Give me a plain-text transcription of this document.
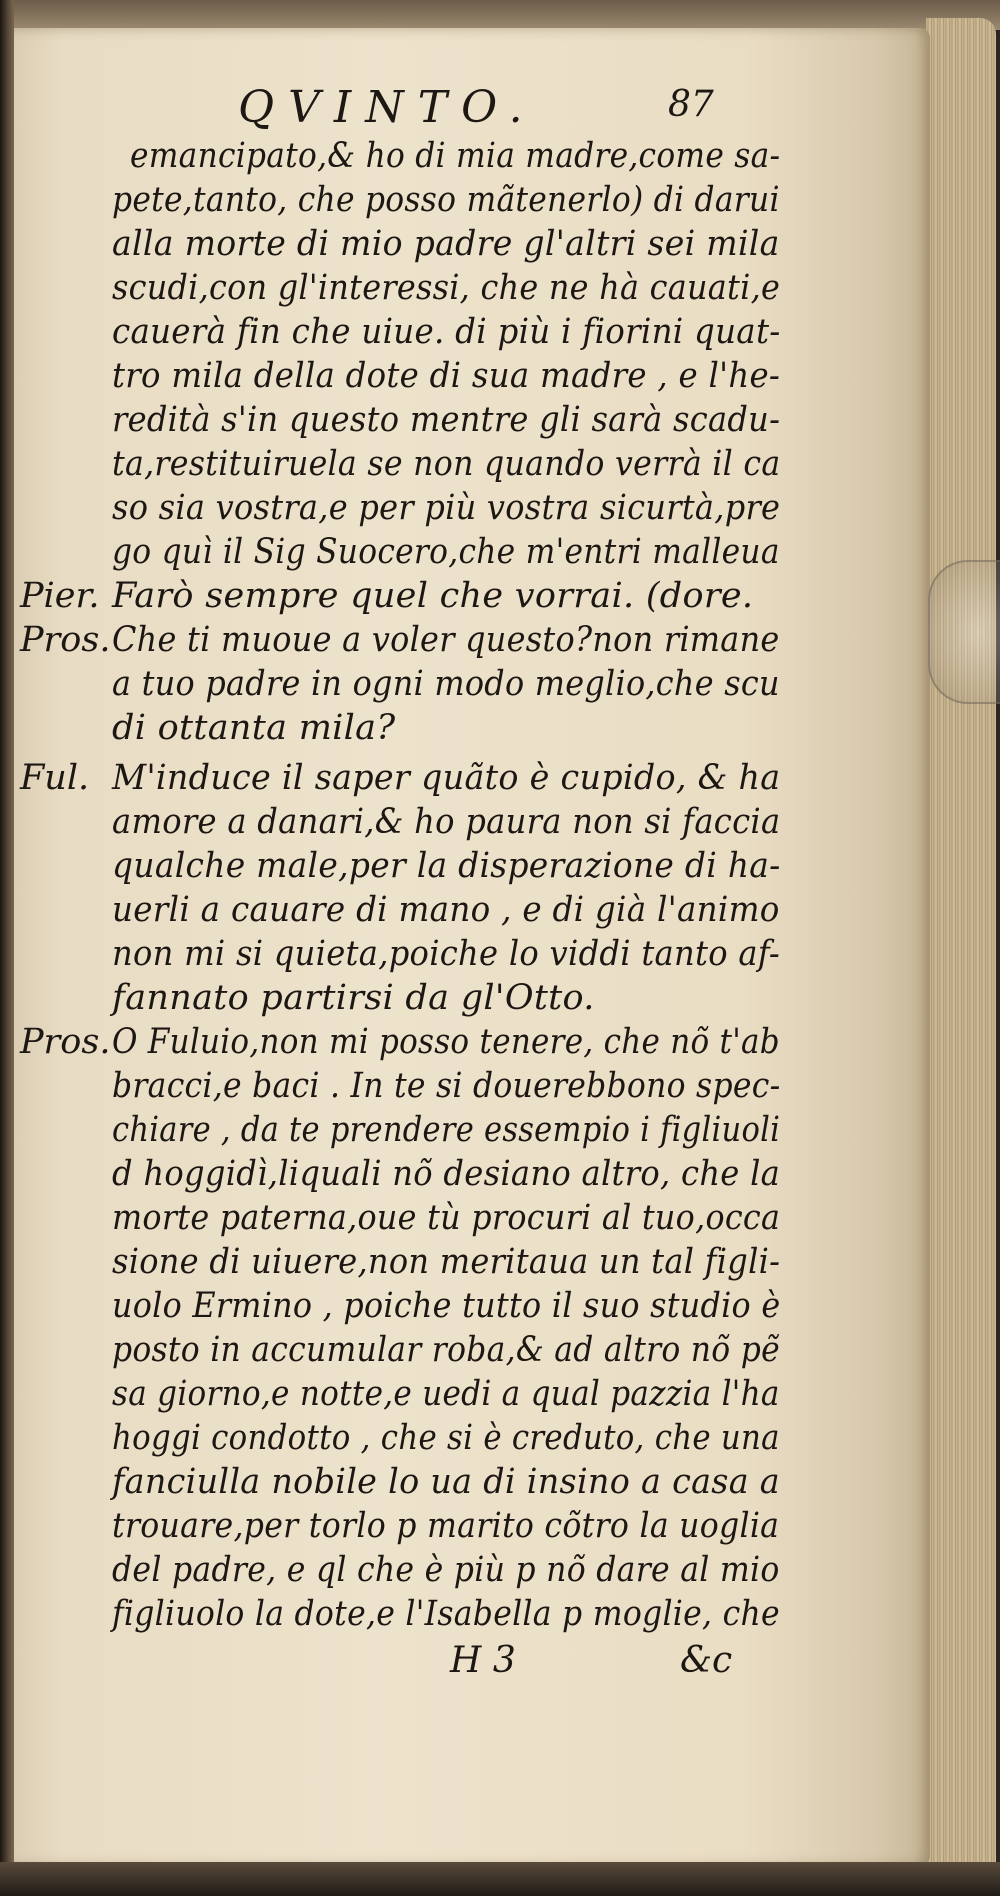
QVINTO.	87
emancipato,& ho di mia madre,come sa-
pete,tanto, che posso mãtenerlo) di darui
alla morte di mio padre gl'altri sei mila
scudi,con gl'interessi, che ne hà cauati,e
cauerà fin che uiue. di più i fiorini quat-
tro mila della dote di sua madre , e l'he-
redità s'in questo mentre gli sarà scadu-
ta,restituiruela se non quando verrà il ca
so sia vostra,e per più vostra sicurtà,pre
go quì il Sig Suocero,che m'entri malleua
Pier. Farò sempre quel che vorrai. (dore.
Pros. Che ti muoue a voler questo?non rimane
a tuo padre in ogni modo meglio,che scu
di ottanta mila?
Ful. M'induce il saper quãto è cupido, & ha
amore a danari,& ho paura non si faccia
qualche male,per la disperazione di ha-
uerli a cauare di mano , e di già l'animo
non mi si quieta,poiche lo viddi tanto af-
fannato partirsi da gl'Otto.
Pros. O Fuluio,non mi posso tenere, che nõ t'ab
bracci,e baci . In te si douerebbono spec-
chiare , da te prendere essempio i figliuoli
d hoggidì,liquali nõ desiano altro, che la
morte paterna,oue tù procuri al tuo,occa
sione di uiuere,non meritaua un tal figli-
uolo Ermino , poiche tutto il suo studio è
posto in accumular roba,& ad altro nõ pẽ
sa giorno,e notte,e uedi a qual pazzia l'ha
hoggi condotto , che si è creduto, che una
fanciulla nobile lo ua di insino a casa a
trouare,per torlo p marito cõtro la uoglia
del padre, e ql che è più p nõ dare al mio
figliuolo la dote,e l'Isabella p moglie, che
H 3	&c
